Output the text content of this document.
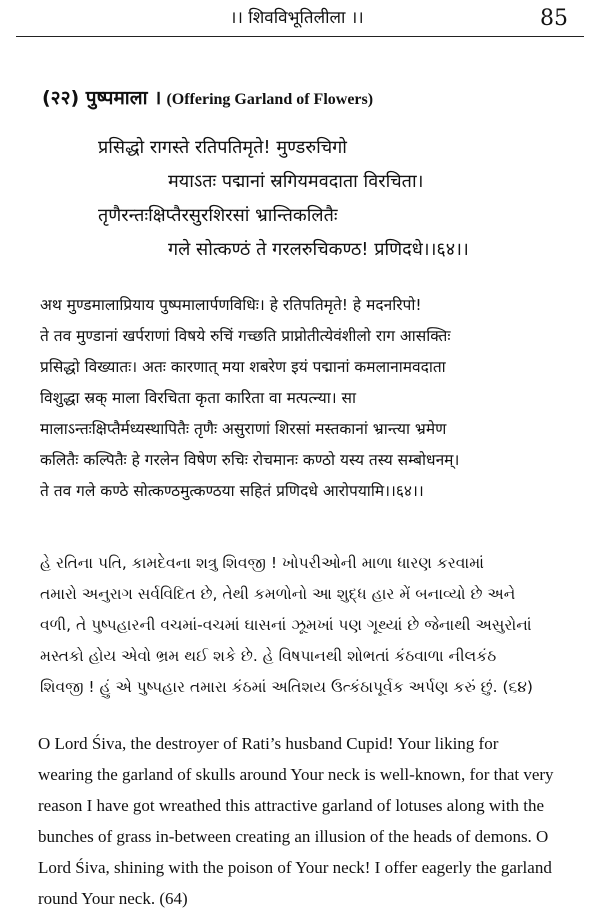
।। शिवविभूतिलीला ।।	85
(२२) पुष्पमाला । (Offering Garland of Flowers)
प्रसिद्धो रागस्ते रतिपतिमृते! मुण्डरुचिगो
मयाऽतः पद्मानां स्रगियमवदाता विरचिता।
तृणैरन्तःक्षिप्तैरसुरशिरसां भ्रान्तिकलितैः
गले सोत्कण्ठं ते गरलरुचिकण्ठ! प्रणिदधे।।६४।।
अथ मुण्डमालाप्रियाय पुष्पमालार्पणविधिः। हे रतिपतिमृते! हे मदनरिपो!
ते तव मुण्डानां खर्पराणां विषये रुचिं गच्छति प्राप्नोतीत्येवंशीलो राग आसक्तिः
प्रसिद्धो विख्यातः। अतः कारणात् मया शबरेण इयं पद्मानां कमलानामवदाता
विशुद्धा स्रक् माला विरचिता कृता कारिता वा मत्पत्न्या। सा
मालाऽन्तःक्षिप्तैर्मध्यस्थापितैः तृणैः असुराणां शिरसां मस्तकानां भ्रान्त्या भ्रमेण
कलितैः कल्पितैः हे गरलेन विषेण रुचिः रोचमानः कण्ठो यस्य तस्य सम्बोधनम्।
ते तव गले कण्ठे सोत्कण्ठमुत्कण्ठया सहितं प्रणिदधे आरोपयामि।।६४।।
હે રતિના પતિ, કામદેવના શત્રુ શિવજી ! ખોપરીઓની માળા ધારણ કરવામાં
તમારો અનુરાગ સર્વવિદિત છે, તેથી કમળોનો આ શુદ્ધ હાર મેં બનાવ્યો છે અને
વળી, તે પુષ્પહારની વચમાં-વચમાં ઘાસનાં ઝૂમખાં પણ ગૂથ્યાં છે જેનાથી અસુરોનાં
મસ્તકો હોય એવો ભ્રમ થઈ શકે છે. હે વિષપાનથી શોભતાં કંઠવાળા નીલકંઠ
શિવજી ! હું એ પુષ્પહાર તમારા કંઠમાં અતિશય ઉત્કંઠાપૂર્વક અર્પણ કરું છું. (૬૪)
O Lord Śiva, the destroyer of Rati’s husband Cupid! Your liking for
wearing the garland of skulls around Your neck is well-known, for that very
reason I have got wreathed this attractive garland of lotuses along with the
bunches of grass in-between creating an illusion of the heads of demons. O
Lord Śiva, shining with the poison of Your neck! I offer eagerly the garland
round Your neck. (64)
